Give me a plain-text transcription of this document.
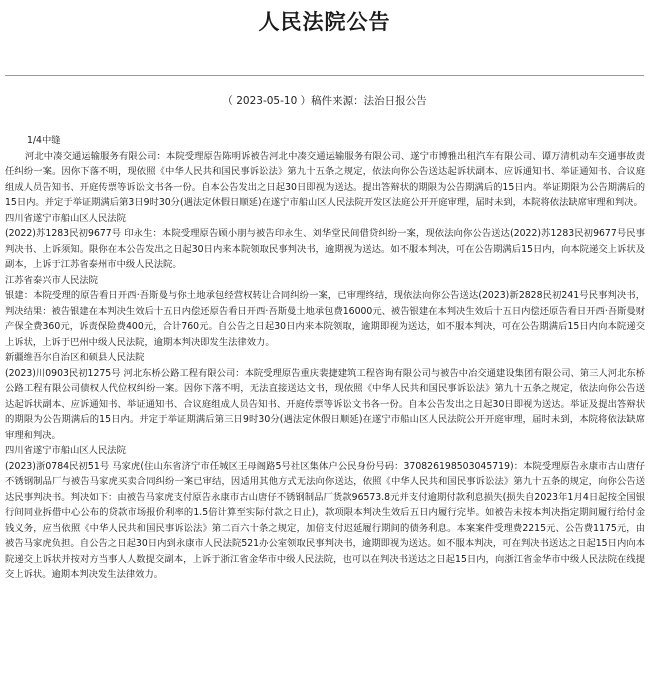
人民法院公告
（ 2023-05-10 ）稿件来源：法治日报公告

1/4中缝

河北中凑交通运输服务有限公司：本院受理原告陈明诉被告河北中凑交通运输服务有限公司、遂宁市博雅出租汽车有限公司、谭万清机动车交通事故责任纠纷一案。因你下落不明，现依照《中华人民共和国民事诉讼法》第九十五条之规定，依法向你公告送达起诉状副本、应诉通知书、举证通知书、合议庭组成人员告知书、开庭传票等诉讼文书各一份。自本公告发出之日起30日即视为送达。提出答辩状的期限为公告期满后的15日内。举证期限为公告期满后的15日内。并定于举证期满后第3日9时30分(遇法定休假日顺延)在遂宁市船山区人民法院开发区法庭公开开庭审理，届时未到，本院将依法缺席审理和判决。

四川省遂宁市船山区人民法院

(2022)苏1283民初9677号 印永生：本院受理原告顾小朋与被告印永生、刘华堂民间借贷纠纷一案，现依法向你公告送达(2022)苏1283民初9677号民事判决书、上诉须知。限你在本公告发出之日起30日内来本院领取民事判决书，逾期视为送达。如不服本判决，可在公告期满后15日内，向本院递交上诉状及副本，上诉于江苏省泰州市中级人民法院。

江苏省泰兴市人民法院

银建：本院受理的原告看日开西·吾斯曼与你土地承包经营权转让合同纠纷一案，已审理终结，现依法向你公告送达(2023)新2828民初241号民事判决书，判决结果：被告银建在本判决生效后十五日内偿还原告看日开西·吾斯曼土地承包费16000元、被告银建在本判决生效后十五日内偿还原告看日开西·吾斯曼财产保全费360元，诉责保险费400元，合计760元。自公告之日起30日内来本院领取，逾期即视为送达，如不服本判决，可在公告期满后15日内向本院递交上诉状，上诉于巴州中级人民法院，逾期本判决即发生法律效力。

新疆维吾尔自治区和硕县人民法院

(2023)川0903民初1275号 河北东桥公路工程有限公司：本院受理原告重庆裴捷建筑工程咨询有限公司与被告中冶交通建设集团有限公司、第三人河北东桥公路工程有限公司债权人代位权纠纷一案。因你下落不明，无法直接送达文书，现依照《中华人民共和国民事诉讼法》第九十五条之规定，依法向你公告送达起诉状副本、应诉通知书、举证通知书、合议庭组成人员告知书、开庭传票等诉讼文书各一份。自本公告发出之日起30日即视为送达。举证及提出答辩状的期限为公告期满后的15日内。并定于举证期满后第三日9时30分(遇法定休假日顺延)在遂宁市船山区人民法院公开开庭审理，届时未到，本院将依法缺席审理和判决。

四川省遂宁市船山区人民法院

(2023)浙0784民初51号 马家虎(住山东省济宁市任城区王母阁路5号社区集体户公民身份号码：370826198503045719)：本院受理原告永康市古山唐仔不锈钢制品厂与被告马家虎买卖合同纠纷一案已审结，因适用其他方式无法向你送达，依照《中华人民共和国民事诉讼法》第九十五条的规定，向你公告送达民事判决书。判决如下：由被告马家虎支付原告永康市古山唐仔不锈钢制品厂货款96573.8元并支付逾期付款利息损失(损失自2023年1月4日起按全国银行间同业拆借中心公布的贷款市场报价利率的1.5倍计算至实际付款之日止)，款项限本判决生效后五日内履行完毕。如被告未按本判决指定期间履行给付金钱义务，应当依照《中华人民共和国民事诉讼法》第二百六十条之规定，加倍支付迟延履行期间的债务利息。本案案件受理费2215元、公告费1175元，由被告马家虎负担。自公告之日起30日内到永康市人民法院521办公室领取民事判决书，逾期即视为送达。如不服本判决，可在判决书送达之日起15日内向本院递交上诉状并按对方当事人人数提交副本，上诉于浙江省金华市中级人民法院，也可以在判决书送达之日起15日内，向浙江省金华市中级人民法院在线提交上诉状。逾期本判决发生法律效力。
